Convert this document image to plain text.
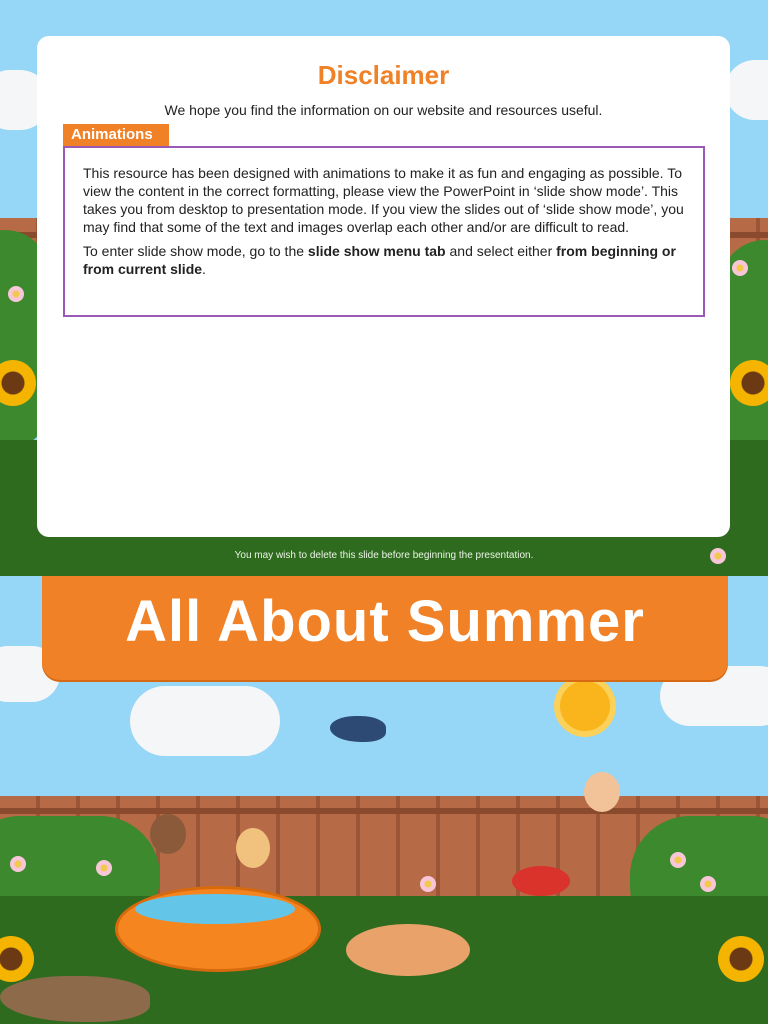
Disclaimer
We hope you find the information on our website and resources useful.
Animations

This resource has been designed with animations to make it as fun and engaging as possible. To view the content in the correct formatting, please view the PowerPoint in ‘slide show mode’. This takes you from desktop to presentation mode. If you view the slides out of ‘slide show mode’, you may find that some of the text and images overlap each other and/or are difficult to read.

To enter slide show mode, go to the slide show menu tab and select either from beginning or from current slide.

You may wish to delete this slide before beginning the presentation.
All About Summer
